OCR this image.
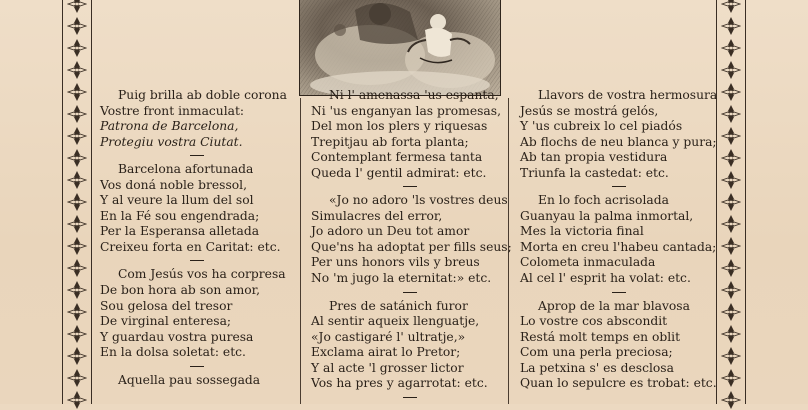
Puig brilla ab doble corona
Vostre front inmaculat:
Patrona de Barcelona,
Protegiu vostra Ciutat.
Barcelona afortunada
Vos doná noble bressol,
Y al veure la llum del sol
En la Fé sou engendrada;
Per la Esperansa alletada
Creixeu forta en Caritat: etc.
Com Jesús vos ha corpresa
De bon hora ab son amor,
Sou gelosa del tresor
De virginal enteresa;
Y guardau vostra puresa
En la dolsa soletat: etc.
Aquella pau sossegada
Ni l' amenassa 'us espanta,
Ni 'us enganyan las promesas,
Del mon los plers y riquesas
Trepitjau ab forta planta;
Contemplant fermesa tanta
Queda l' gentil admirat: etc.
«Jo no adoro 'ls vostres deus
Simulacres del error,
Jo adoro un Deu tot amor
Que'ns ha adoptat per fills seus;
Per uns honors vils y breus
No 'm jugo la eternitat:» etc.
Pres de satánich furor
Al sentir aqueix llenguatje,
«Jo castigaré l' ultratje,»
Exclama airat lo Pretor;
Y al acte 'l grosser lictor
Vos ha pres y agarrotat: etc.
Llavors de vostra hermosura
Jesús se mostrá gelós,
Y 'us cubreix lo cel piadós
Ab flochs de neu blanca y pura;
Ab tan propia vestidura
Triunfa la castedat: etc.
En lo foch acrisolada
Guanyau la palma inmortal,
Mes la victoria final
Morta en creu l'habeu cantada;
Colometa inmaculada
Al cel l' esprit ha volat: etc.
Aprop de la mar blavosa
Lo vostre cos abscondit
Restá molt temps en oblit
Com una perla preciosa;
La petxina s' es desclosa
Quan lo sepulcre es trobat: etc.
